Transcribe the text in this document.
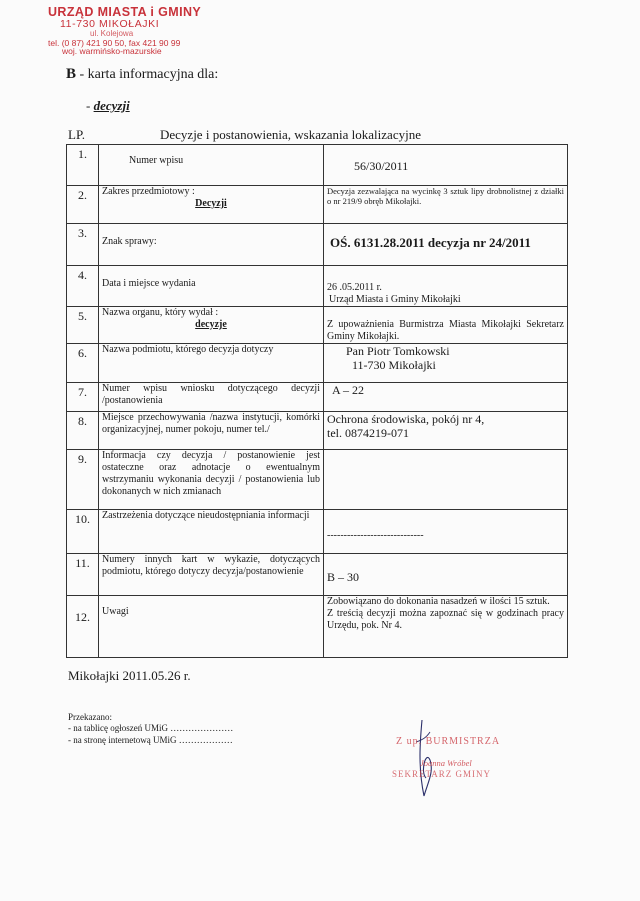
URZĄD MIASTA i GMINY
11-730 MIKOŁAJKI
ul. Kolejowa
tel. (0 87) 421 90 50, fax 421 90 99
woj. warmińsko-mazurskie
B - karta informacyjna dla:
- decyzji
LP.	Decyzje i postanowienia, wskazania lokalizacyjne
1.	Numer wpisu	56/30/2011
2.	Zakres przedmiotowy :
Decyzji	Decyzja zezwalająca na wycinkę 3 sztuk lipy drobnolistnej z działki o nr 219/9 obręb Mikołajki.
3.	Znak sprawy:	OŚ. 6131.28.2011 decyzja nr 24/2011
4.	Data i miejsce wydania	26 .05.2011 r.
Urząd Miasta i Gminy Mikołajki

5.	Nazwa organu, który wydał :
decyzje	Z upoważnienia Burmistrza Miasta Mikołajki Sekretarz Gminy Mikołajki.
6.	Nazwa podmiotu, którego decyzja dotyczy	Pan Piotr Tomkowski
11-730 Mikołajki

7.	Numer wpisu wniosku dotyczącego decyzji /postanowienia	A – 22
8.	Miejsce przechowywania /nazwa instytucji, komórki organizacyjnej, numer pokoju, numer tel./	Ochrona środowiska, pokój nr 4,
tel. 0874219-071

9.	Informacja czy decyzja / postanowienie jest ostateczne oraz adnotacje o ewentualnym wstrzymaniu wykonania decyzji / postanowienia lub dokonanych w nich zmianach	
10.	Zastrzeżenia dotyczące nieudostępniania informacji	-----------------------------
11.	Numery innych kart w wykazie, dotyczących podmiotu, którego dotyczy decyzja/postanowienie	B – 30
12.	Uwagi	Zobowiązano do dokonania nasadzeń w ilości 15 sztuk.
Z treścią decyzji można zapoznać się w godzinach pracy Urzędu, pok. Nr 4.
Mikołajki 2011.05.26 r.
Przekazano:
- na tablicę ogłoszeń UMiG …………………
- na stronę internetową UMiG ………………	Z up. BURMISTRZA
Joanna Wróbel
SEKRETARZ GMINY
